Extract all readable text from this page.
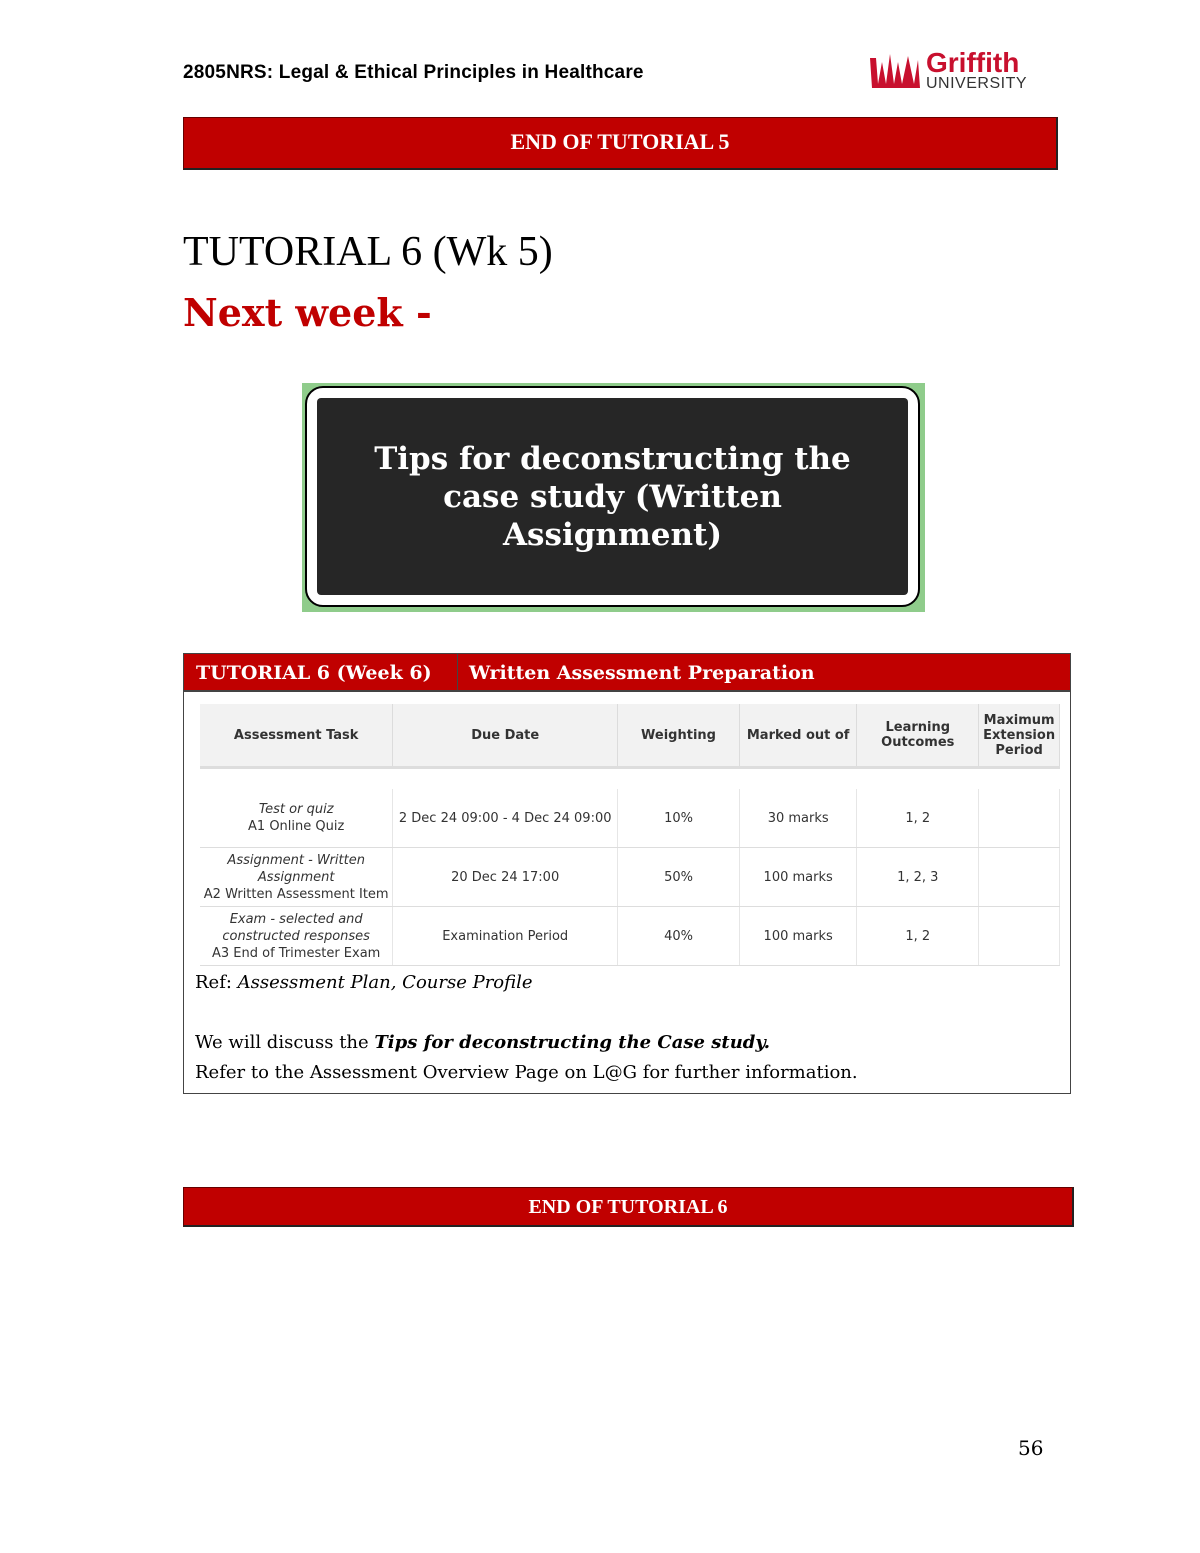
2805NRS: Legal & Ethical Principles in Healthcare	Griffith
UNIVERSITY
END OF TUTORIAL 5
TUTORIAL 6 (Wk 5)
Next week -
Tips for deconstructing the case study (Written Assignment)
TUTORIAL 6 (Week 6) Written Assessment Preparation
Assessment Task	Due Date	Weighting	Marked out of	Learning Outcomes	Maximum Extension Period

Test or quiz
A1 Online Quiz	2 Dec 24 09:00 - 4 Dec 24 09:00	10%	30 marks	1, 2	

Assignment - Written Assignment
A2 Written Assessment Item	20 Dec 24 17:00	50%	100 marks	1, 2, 3	

Exam - selected and constructed responses
A3 End of Trimester Exam	Examination Period	40%	100 marks	1, 2	
Ref: Assessment Plan, Course Profile
We will discuss the Tips for deconstructing the Case study.
Refer to the Assessment Overview Page on L@G for further information.
END OF TUTORIAL 6
56
